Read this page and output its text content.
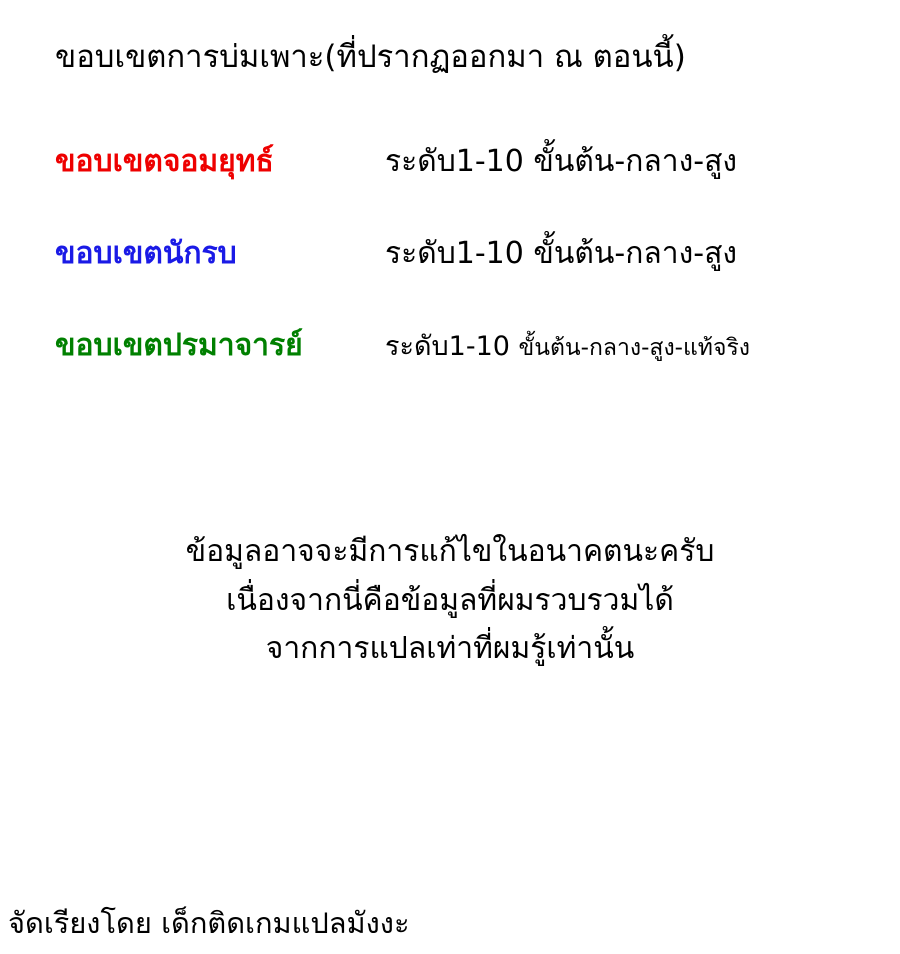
ขอบเขตการบ่มเพาะ(ที่ปรากฏออกมา ณ ตอนนี้)
ขอบเขตจอมยุทธ์	ระดับ1-10 ขั้นต้น-กลาง-สูง
ขอบเขตนักรบ	ระดับ1-10 ขั้นต้น-กลาง-สูง
ขอบเขตปรมาจารย์	ระดับ1-10 ขั้นต้น-กลาง-สูง-แท้จริง
ข้อมูลอาจจะมีการแก้ไขในอนาคตนะครับ
เนื่องจากนี่คือข้อมูลที่ผมรวบรวมได้
จากการแปลเท่าที่ผมรู้เท่านั้น
จัดเรียงโดย เด็กติดเกมแปลมังงะ
